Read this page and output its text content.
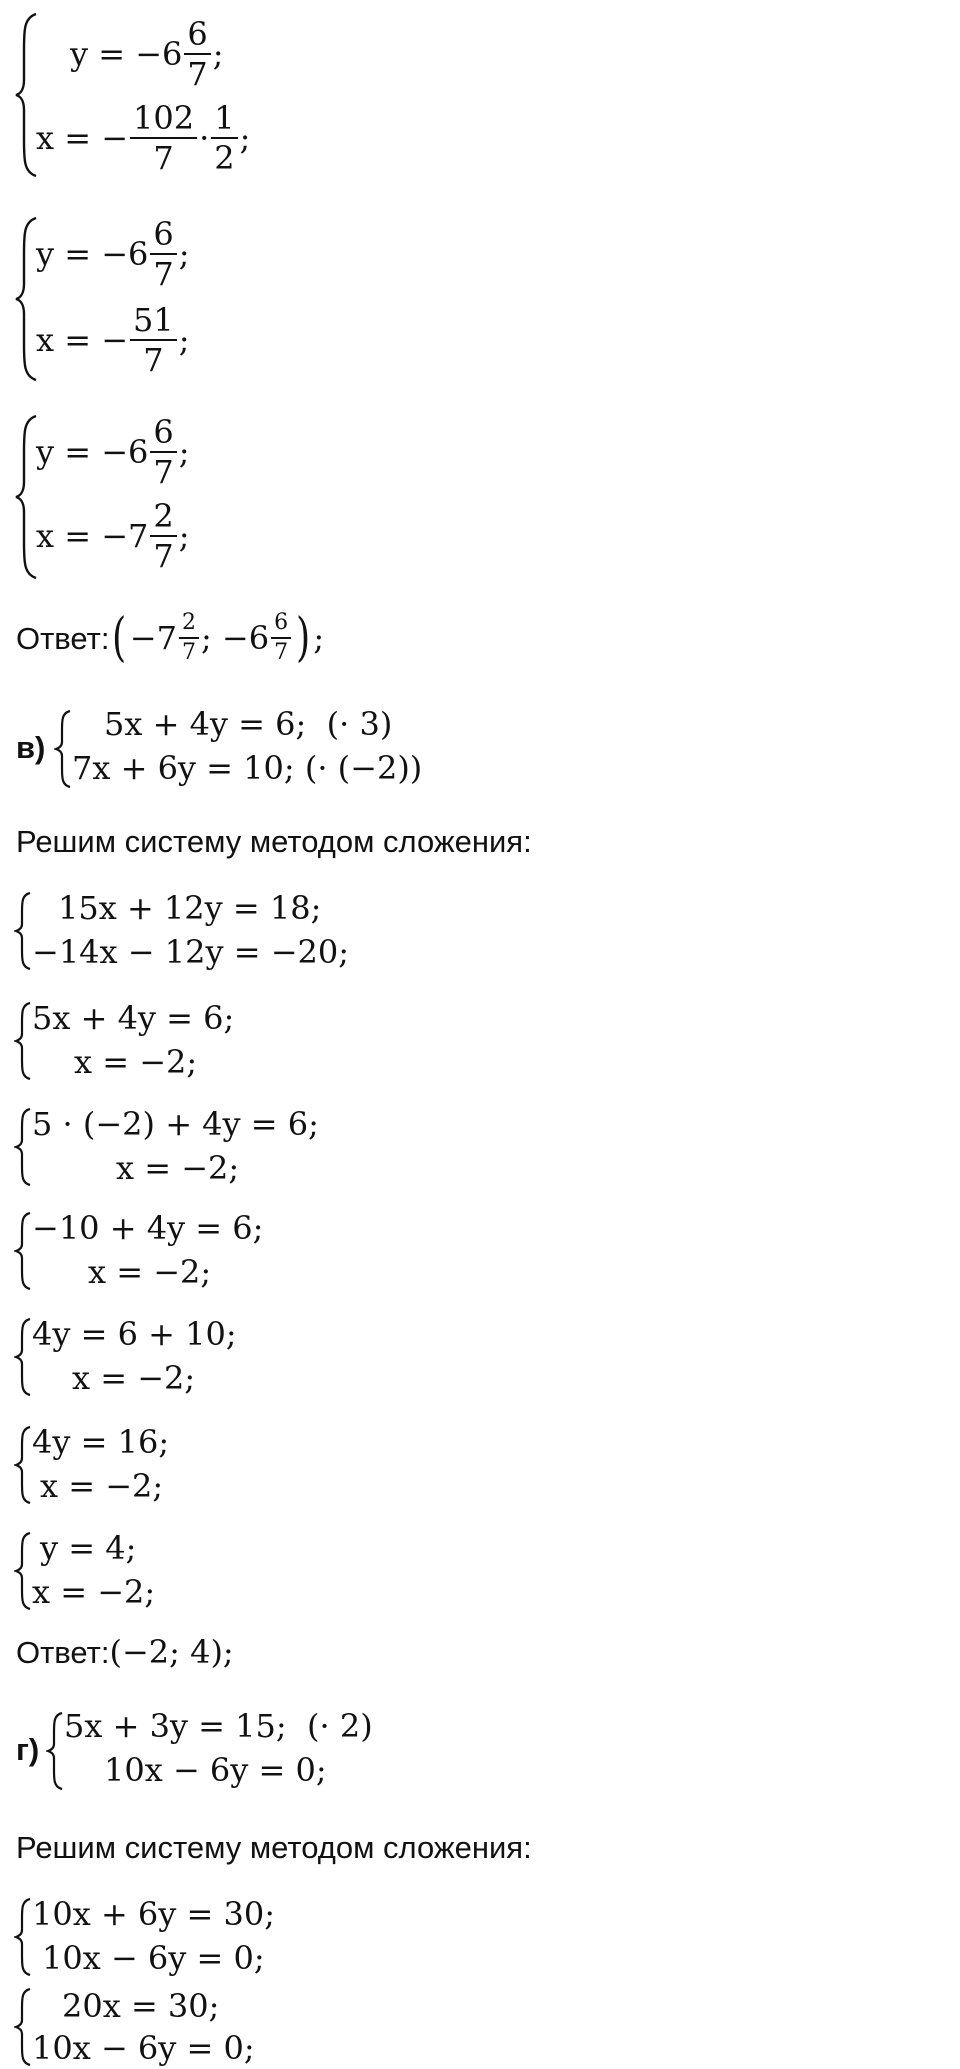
$y = -6 \frac{6}{7}$ ;
x = − $\frac{102}{7} \cdot \frac{1}{2}$ ;
$y = -6 \frac{6}{7}$ ;
x = − $\frac{51}{7}$ ;
$y = -6 \frac{6}{7}$ ;
$x = -7 \frac{2}{7}$ ;
Ответ: ( $-7 \frac{2}{7}$ ; $-6 \frac{6}{7}$ ) ;
в)
5x + 4y = 6;  (· 3)
7x + 6y = 10; (· (−2))
Решим систему методом сложения:
15x + 12y = 18;
−14x − 12y = −20;
5x + 4y = 6;
x = −2;
5 · (−2) + 4y = 6;
x = −2;
−10 + 4y = 6;
x = −2;
4y = 6 + 10;
x = −2;
4y = 16;
x = −2;
y = 4;
x = −2;
Ответ: (−2; 4);
г)
5x + 3y = 15;  (· 2)
10x − 6y = 0;
Решим систему методом сложения:
10x + 6y = 30;
10x − 6y = 0;
20x = 30;
10x − 6y = 0;
